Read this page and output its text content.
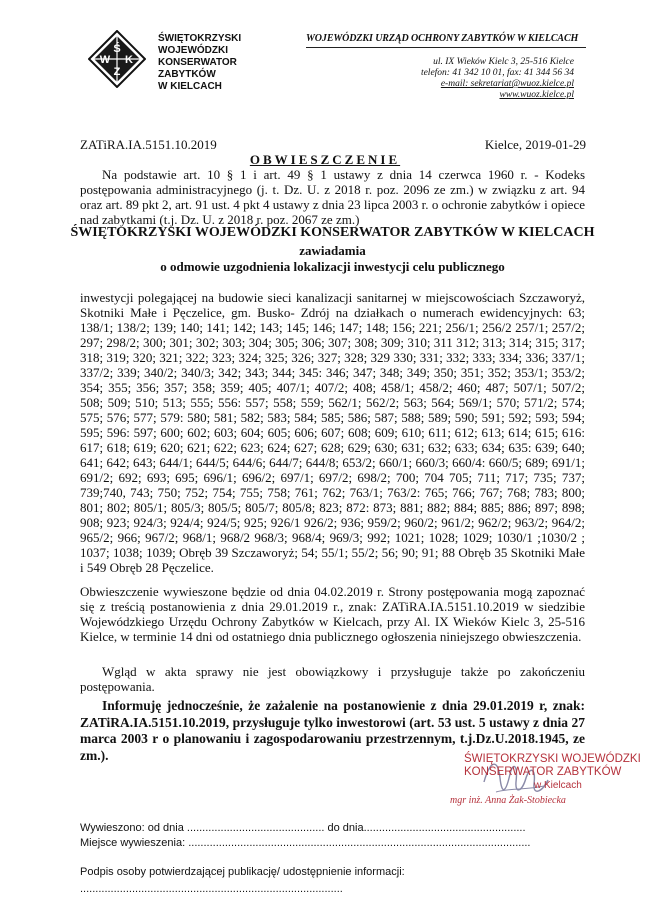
Ś
W K
Z
ŚWIĘTOKRZYSKI
WOJEWÓDZKI
KONSERWATOR
ZABYTKÓW
W KIELCACH
WOJEWÓDZKI URZĄD OCHRONY ZABYTKÓW W KIELCACH
ul. IX Wieków Kielc 3, 25-516 Kielce
telefon: 41 342 10 01, fax: 41 344 56 34
e-mail: sekretariat@wuoz.kielce.pl
www.wuoz.kielce.pl
ZATiRA.IA.5151.10.2019	Kielce, 2019-01-29
OBWIESZCZENIE

Na podstawie art. 10 § 1 i art. 49 § 1 ustawy z dnia 14 czerwca 1960 r. - Kodeks postępowania administracyjnego (j. t. Dz. U. z 2018 r. poz. 2096 ze zm.) w związku z art. 94 oraz art. 89 pkt 2, art. 91 ust. 4 pkt 4 ustawy z dnia 23 lipca 2003 r. o ochronie zabytków i opiece nad zabytkami (t.j. Dz. U. z 2018 r. poz. 2067 ze zm.)

ŚWIĘTOKRZYSKI WOJEWÓDZKI KONSERWATOR ZABYTKÓW W KIELCACH
zawiadamia
o odmowie uzgodnienia lokalizacji inwestycji celu publicznego

inwestycji polegającej na budowie sieci kanalizacji sanitarnej w miejscowościach Szczaworyż, Skotniki Małe i Pęczelice, gm. Busko- Zdrój na działkach o numerach ewidencyjnych: 63; 138/1; 138/2; 139; 140; 141; 142; 143; 145; 146; 147; 148; 156; 221; 256/1; 256/2 257/1; 257/2; 297; 298/2; 300; 301; 302; 303; 304; 305; 306; 307; 308; 309; 310; 311 312; 313; 314; 315; 317; 318; 319; 320; 321; 322; 323; 324; 325; 326; 327; 328; 329 330; 331; 332; 333; 334; 336; 337/1; 337/2; 339; 340/2; 340/3; 342; 343; 344; 345: 346; 347; 348; 349; 350; 351; 352; 353/1; 353/2; 354; 355; 356; 357; 358; 359; 405; 407/1; 407/2; 408; 458/1; 458/2; 460; 487; 507/1; 507/2; 508; 509; 510; 513; 555; 556: 557; 558; 559; 562/1; 562/2; 563; 564; 569/1; 570; 571/2; 574; 575; 576; 577; 579: 580; 581; 582; 583; 584; 585; 586; 587; 588; 589; 590; 591; 592; 593; 594; 595; 596: 597; 600; 602; 603; 604; 605; 606; 607; 608; 609; 610; 611; 612; 613; 614; 615; 616: 617; 618; 619; 620; 621; 622; 623; 624; 627; 628; 629; 630; 631; 632; 633; 634; 635: 639; 640; 641; 642; 643; 644/1; 644/5; 644/6; 644/7; 644/8; 653/2; 660/1; 660/3; 660/4: 660/5; 689; 691/1; 691/2; 692; 693; 695; 696/1; 696/2; 697/1; 697/2; 698/2; 700; 704 705; 711; 717; 735; 737; 739;740, 743; 750; 752; 754; 755; 758; 761; 762; 763/1; 763/2: 765; 766; 767; 768; 783; 800; 801; 802; 805/1; 805/3; 805/5; 805/7; 805/8; 823; 872: 873; 881; 882; 884; 885; 886; 897; 898; 908; 923; 924/3; 924/4; 924/5; 925; 926/1 926/2; 936; 959/2; 960/2; 961/2; 962/2; 963/2; 964/2; 965/2; 966; 967/2; 968/1; 968/2 968/3; 968/4; 969/3; 992; 1021; 1028; 1029; 1030/1 ;1030/2 ; 1037; 1038; 1039; Obręb 39 Szczaworyż; 54; 55/1; 55/2; 56; 90; 91; 88 Obręb 35 Skotniki Małe i 549 Obręb 28 Pęczelice.

Obwieszczenie wywieszone będzie od dnia 04.02.2019 r. Strony postępowania mogą zapoznać się z treścią postanowienia z dnia 29.01.2019 r., znak: ZATiRA.IA.5151.10.2019 w siedzibie Wojewódzkiego Urzędu Ochrony Zabytków w Kielcach, przy Al. IX Wieków Kielc 3, 25-516 Kielce, w terminie 14 dni od ostatniego dnia publicznego ogłoszenia niniejszego obwieszczenia.

Wgląd w akta sprawy nie jest obowiązkowy i przysługuje także po zakończeniu postępowania.

Informuję jednocześnie, że zażalenie na postanowienie z dnia 29.01.2019 r, znak: ZATiRA.IA.5151.10.2019, przysługuje tylko inwestorowi (art. 53 ust. 5 ustawy z dnia 27 marca 2003 r o planowaniu i zagospodarowaniu przestrzennym, t.j.Dz.U.2018.1945, ze zm.).	ŚWIĘTOKRZYSKI WOJEWÓDZKI
KONSERWATOR ZABYTKÓW
w Kielcach
mgr inż. Anna Żak-Stobiecka
Wywieszono: od dnia ............................................. do dnia.....................................................
Miejsce wywieszenia: ................................................................................................................
Podpis osoby potwierdzającej publikację/ udostępnienie informacji:
......................................................................................
